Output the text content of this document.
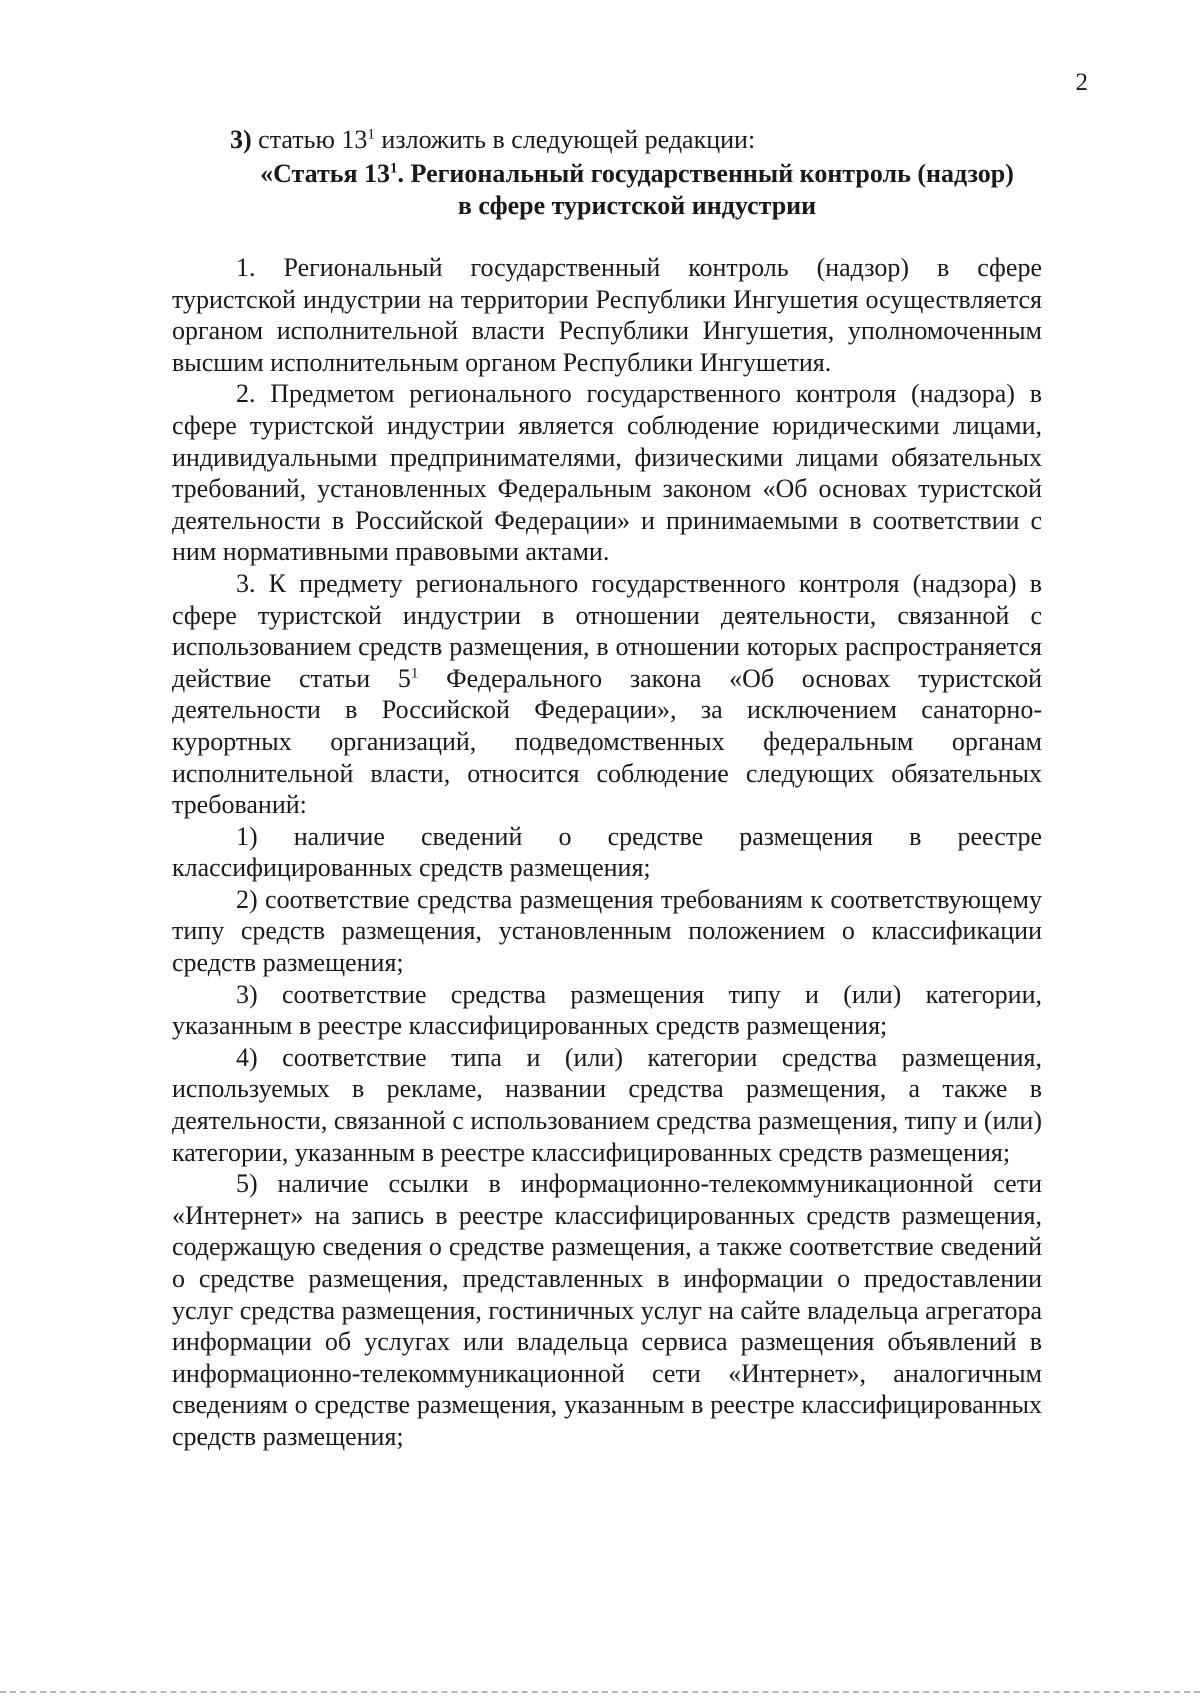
2

3) статью $13^1$ изложить в следующей редакции:

«Статья $13^1$. Региональный государственный контроль (надзор)
в сфере туристской индустрии

1. Региональный государственный контроль (надзор) в сфере туристской индустрии на территории Республики Ингушетия осуществляется органом исполнительной власти Республики Ингушетия, уполномоченным высшим исполнительным органом Республики Ингушетия.

2. Предметом регионального государственного контроля (надзора) в сфере туристской индустрии является соблюдение юридическими лицами, индивидуальными предпринимателями, физическими лицами обязательных требований, установленных Федеральным законом «Об основах туристской деятельности в Российской Федерации» и принимаемыми в соответствии с ним нормативными правовыми актами.

3. К предмету регионального государственного контроля (надзора) в сфере туристской индустрии в отношении деятельности, связанной с использованием средств размещения, в отношении которых распространяется действие статьи $5^1$ Федерального закона «Об основах туристской деятельности в Российской Федерации», за исключением санаторно-курортных организаций, подведомственных федеральным органам исполнительной власти, относится соблюдение следующих обязательных требований:

1) наличие сведений о средстве размещения в реестре классифицированных средств размещения;

2) соответствие средства размещения требованиям к соответствующему типу средств размещения, установленным положением о классификации средств размещения;

3) соответствие средства размещения типу и (или) категории, указанным в реестре классифицированных средств размещения;

4) соответствие типа и (или) категории средства размещения, используемых в рекламе, названии средства размещения, а также в деятельности, связанной с использованием средства размещения, типу и (или) категории, указанным в реестре классифицированных средств размещения;

5) наличие ссылки в информационно-телекоммуникационной сети «Интернет» на запись в реестре классифицированных средств размещения, содержащую сведения о средстве размещения, а также соответствие сведений о средстве размещения, представленных в информации о предоставлении услуг средства размещения, гостиничных услуг на сайте владельца агрегатора информации об услугах или владельца сервиса размещения объявлений в информационно-телекоммуникационной сети «Интернет», аналогичным сведениям о средстве размещения, указанным в реестре классифицированных средств размещения;
